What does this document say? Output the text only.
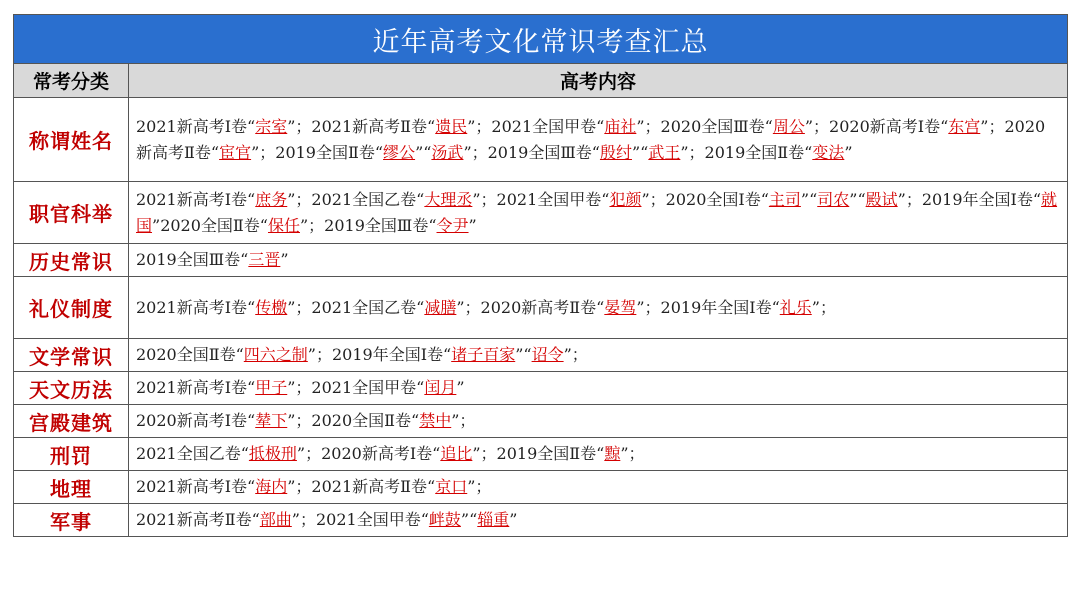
近年高考文化常识考查汇总	
常考分类	高考内容
称谓姓名	2021新高考Ⅰ卷“宗室”；2021新高考Ⅱ卷“遗民”；2021全国甲卷“庙社”；2020全国Ⅲ卷“周公”；2020新高考Ⅰ卷“东宫”；2020新高考Ⅱ卷“宦官”；2019全国Ⅱ卷“缪公”“汤武”；2019全国Ⅲ卷“殷纣”“武王”；2019全国Ⅱ卷“变法”
职官科举	2021新高考Ⅰ卷“庶务”；2021全国乙卷“大理丞”；2021全国甲卷“犯颜”；2020全国Ⅰ卷“主司”“司农”“殿试”；2019年全国Ⅰ卷“就国”2020全国Ⅱ卷“保任”；2019全国Ⅲ卷“令尹”
历史常识	2019全国Ⅲ卷“三晋”
礼仪制度	2021新高考Ⅰ卷“传檄”；2021全国乙卷“减膳”；2020新高考Ⅱ卷“晏驾”；2019年全国Ⅰ卷“礼乐”；
文学常识	2020全国Ⅱ卷“四六之制”；2019年全国Ⅰ卷“诸子百家”“诏令”；
天文历法	2021新高考Ⅰ卷“甲子”；2021全国甲卷“闰月”
宫殿建筑	2020新高考Ⅰ卷“辇下”；2020全国Ⅱ卷“禁中”；
刑罚	2021全国乙卷“抵极刑”；2020新高考Ⅰ卷“追比”；2019全国Ⅱ卷“黥”；
地理	2021新高考Ⅰ卷“海内”；2021新高考Ⅱ卷“京口”；
军事	2021新高考Ⅱ卷“部曲”；2021全国甲卷“衅鼓”“辎重”
